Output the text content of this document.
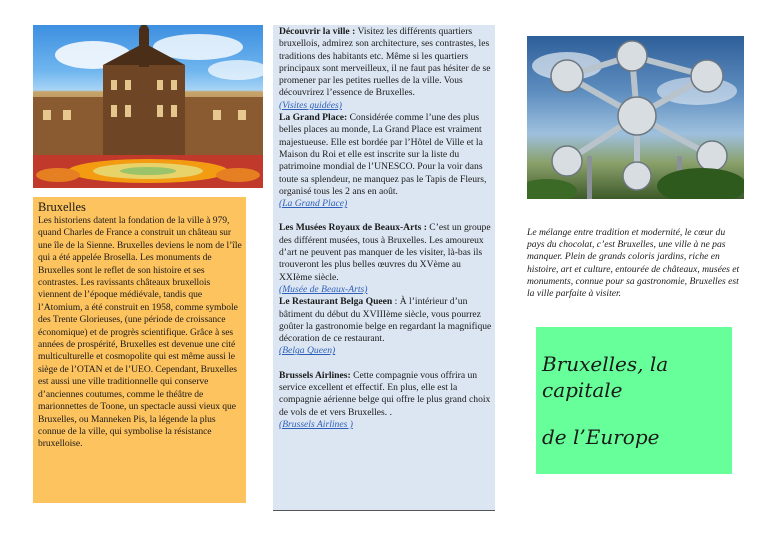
Bruxelles

Les historiens datent la fondation de la ville à 979, quand Charles de France a construit un château sur une île de la Sienne. Bruxelles deviens le nom de l’île qui a été appelée Brosella. Les monuments de Bruxelles sont le reflet de son histoire et ses contrastes. Les ravissants châteaux bruxellois viennent de l’époque médiévale, tandis que l’Atomium, a été construit en 1958, comme symbole des Trente Glorieuses, (une période de croissance économique) et de progrès scientifique. Grâce à ses années de prospérité, Bruxelles est devenue une cité multiculturelle et cosmopolite qui est même aussi le siège de l’OTAN et de l’UEO. Cependant, Bruxelles est aussi une ville traditionnelle qui conserve d’anciennes coutumes, comme le théâtre de marionnettes de Toone, un spectacle aussi vieux que Bruxelles, ou Manneken Pis, la légende la plus connue de la ville, qui symbolise la résistance bruxelloise.

Découvrir la ville : Visitez les différents quartiers bruxellois, admirez son architecture, ses contrastes, les traditions des habitants etc. Même si les quartiers principaux sont merveilleux, il ne faut pas hésiter de se promener par les petites ruelles de la ville. Vous découvrirez l’essence de Bruxelles.
(Visites guidées)

La Grand Place: Considérée comme l’une des plus belles places au monde, La Grand Place est vraiment majestueuse. Elle est bordée par l’Hôtel de Ville et la Maison du Roi et elle est inscrite sur la liste du patrimoine mondial de l’UNESCO. Pour la voir dans toute sa splendeur, ne manquez pas le Tapis de Fleurs, organisé tous les 2 ans en août.
(La Grand Place)

Les Musées Royaux de Beaux-Arts : C’est un groupe des différent musées, tous à Bruxelles. Les amoureux d’art ne peuvent pas manquer de les visiter, là-bas ils trouveront les plus belles œuvres du XVème au XXIème siècle.
(Musée de Beaux-Arts)

Le Restaurant Belga Queen : À l’intérieur d’un bâtiment du début du XVIIIème siècle, vous pourrez goûter la gastronomie belge en regardant la magnifique décoration de ce restaurant.
(Belga Queen)

Brussels Airlines: Cette compagnie vous offrira un service excellent et effectif. En plus, elle est la compagnie aérienne belge qui offre le plus grand choix de vols de et vers Bruxelles. .
(Brussels Airlines )

Le mélange entre tradition et modernité, le cœur du pays du chocolat, c’est Bruxelles, une ville à ne pas manquer. Plein de grands coloris jardins, riche en histoire, art et culture, entourée de châteaux, musées et monuments, connue pour sa gastronomie, Bruxelles est la ville parfaite à visiter.

Bruxelles, la capitale
de l’Europe
